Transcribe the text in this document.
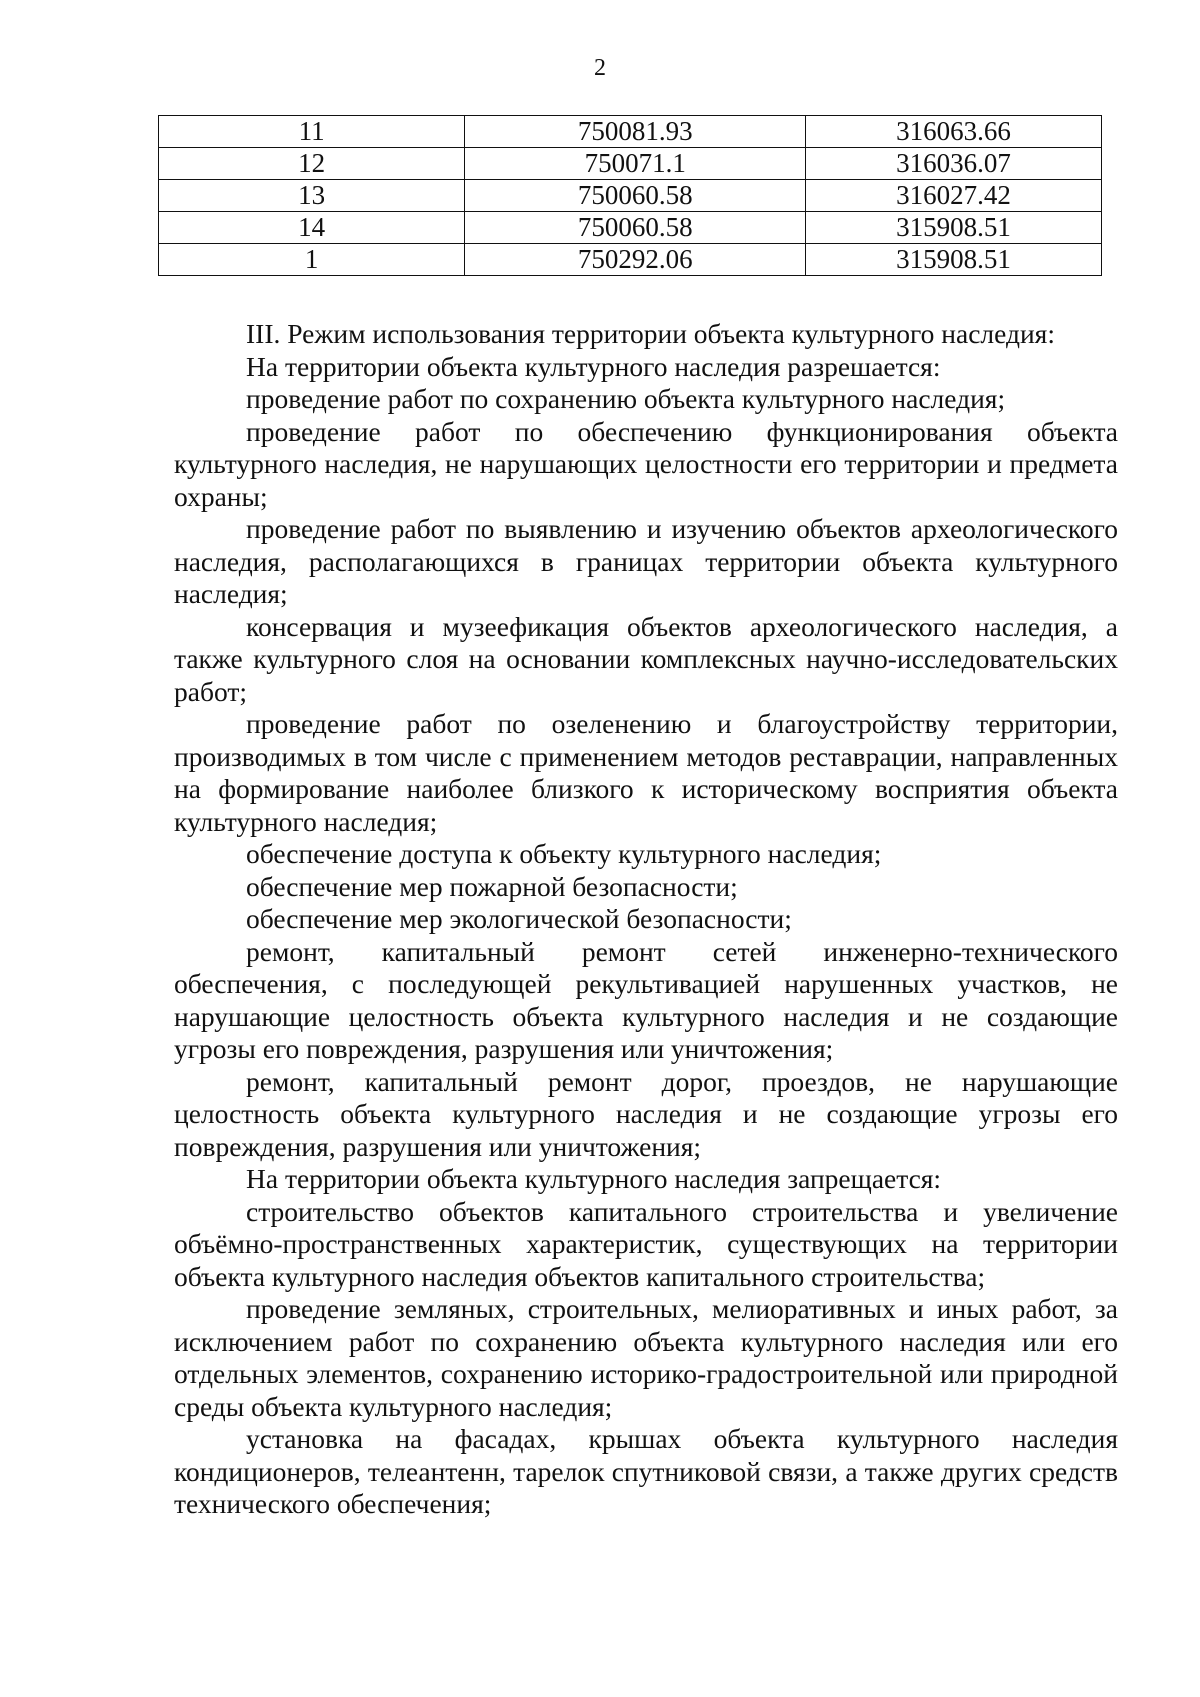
2
11	750081.93	316063.66
12	750071.1	316036.07
13	750060.58	316027.42
14	750060.58	315908.51
1	750292.06	315908.51

III. Режим использования территории объекта культурного наследия:

На территории объекта культурного наследия разрешается:

проведение работ по сохранению объекта культурного наследия;

проведение работ по обеспечению функционирования объекта культурного наследия, не нарушающих целостности его территории и предмета охраны;

проведение работ по выявлению и изучению объектов археологического наследия, располагающихся в границах территории объекта культурного наследия;

консервация и музеефикация объектов археологического наследия, а также культурного слоя на основании комплексных научно-исследовательских работ;

проведение работ по озеленению и благоустройству территории, производимых в том числе с применением методов реставрации, направленных на формирование наиболее близкого к историческому восприятия объекта культурного наследия;

обеспечение доступа к объекту культурного наследия;

обеспечение мер пожарной безопасности;

обеспечение мер экологической безопасности;

ремонт, капитальный ремонт сетей инженерно-технического обеспечения, с последующей рекультивацией нарушенных участков, не нарушающие целостность объекта культурного наследия и не создающие угрозы его повреждения, разрушения или уничтожения;

ремонт, капитальный ремонт дорог, проездов, не нарушающие целостность объекта культурного наследия и не создающие угрозы его повреждения, разрушения или уничтожения;

На территории объекта культурного наследия запрещается:

строительство объектов капитального строительства и увеличение объёмно-пространственных характеристик, существующих на территории объекта культурного наследия объектов капитального строительства;

проведение земляных, строительных, мелиоративных и иных работ, за исключением работ по сохранению объекта культурного наследия или его отдельных элементов, сохранению историко-градостроительной или природной среды объекта культурного наследия;

установка на фасадах, крышах объекта культурного наследия кондиционеров, телеантенн, тарелок спутниковой связи, а также других средств технического обеспечения;
